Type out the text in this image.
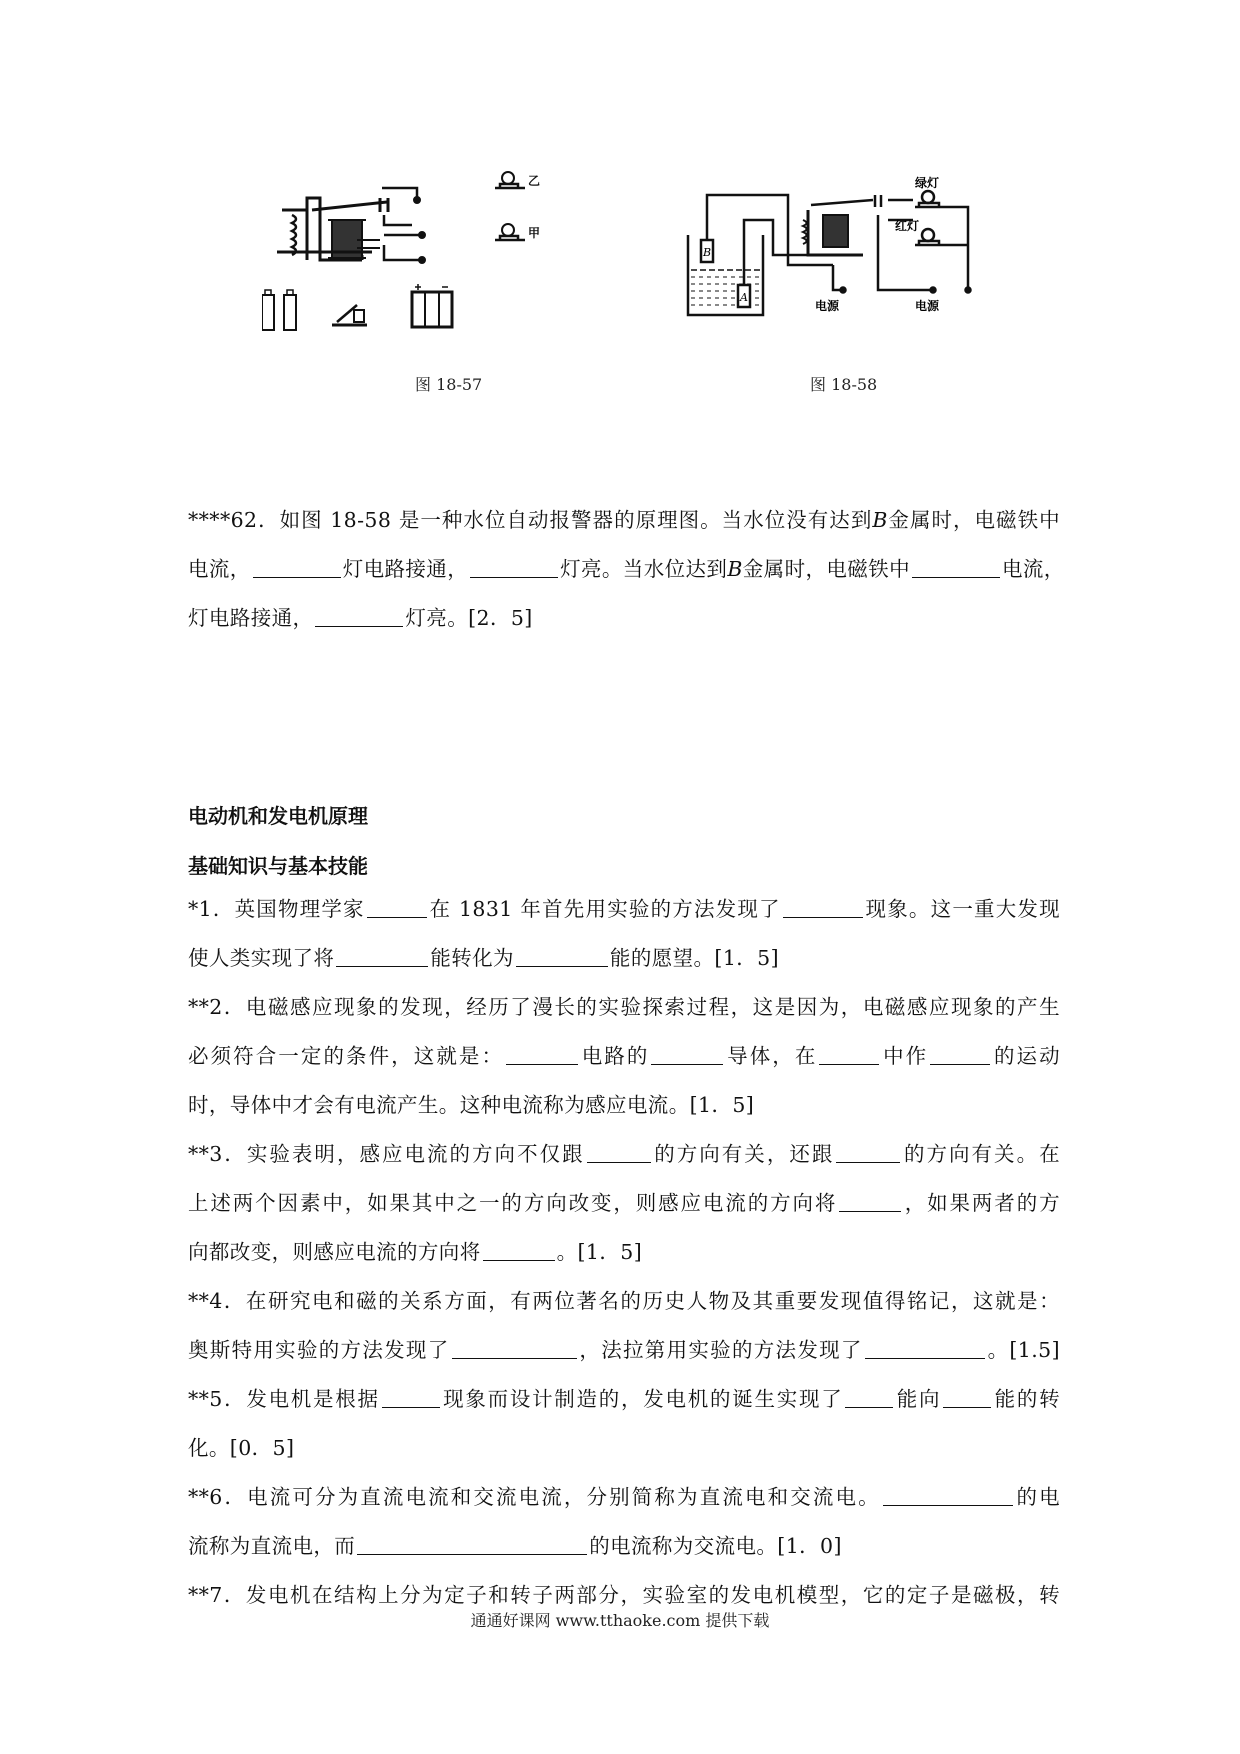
乙
甲
图 18-57
B
A
绿灯
红灯
电源	电源
图 18-58
****62．如图 18-58 是一种水位自动报警器的原理图。当水位没有达到B金属时，电磁铁中
电流，	灯电路接通，	灯亮。当水位达到B金属时，电磁铁中	电流，
灯电路接通，	灯亮。[2．5]
电动机和发电机原理
基础知识与基本技能
*1．英国物理学家	在 1831 年首先用实验的方法发现了	现象。这一重大发现
使人类实现了将	能转化为	能的愿望。[1．5]
**2．电磁感应现象的发现，经历了漫长的实验探索过程，这是因为，电磁感应现象的产生
必须符合一定的条件，这就是：	电路的	导体，在	中作	的运动
时，导体中才会有电流产生。这种电流称为感应电流。[1．5]
**3．实验表明，感应电流的方向不仅跟	的方向有关，还跟	的方向有关。在
上述两个因素中，如果其中之一的方向改变，则感应电流的方向将	，如果两者的方
向都改变，则感应电流的方向将	。[1．5]
**4．在研究电和磁的关系方面，有两位著名的历史人物及其重要发现值得铭记，这就是：
奥斯特用实验的方法发现了	，法拉第用实验的方法发现了	。[1.5]
**5．发电机是根据	现象而设计制造的，发电机的诞生实现了	能向	能的转
化。[0．5]
**6．电流可分为直流电流和交流电流，分别简称为直流电和交流电。	的电
流称为直流电，而	的电流称为交流电。[1．0]
**7．发电机在结构上分为定子和转子两部分，实验室的发电机模型，它的定子是磁极，转
通通好课网 www.tthaoke.com 提供下载
